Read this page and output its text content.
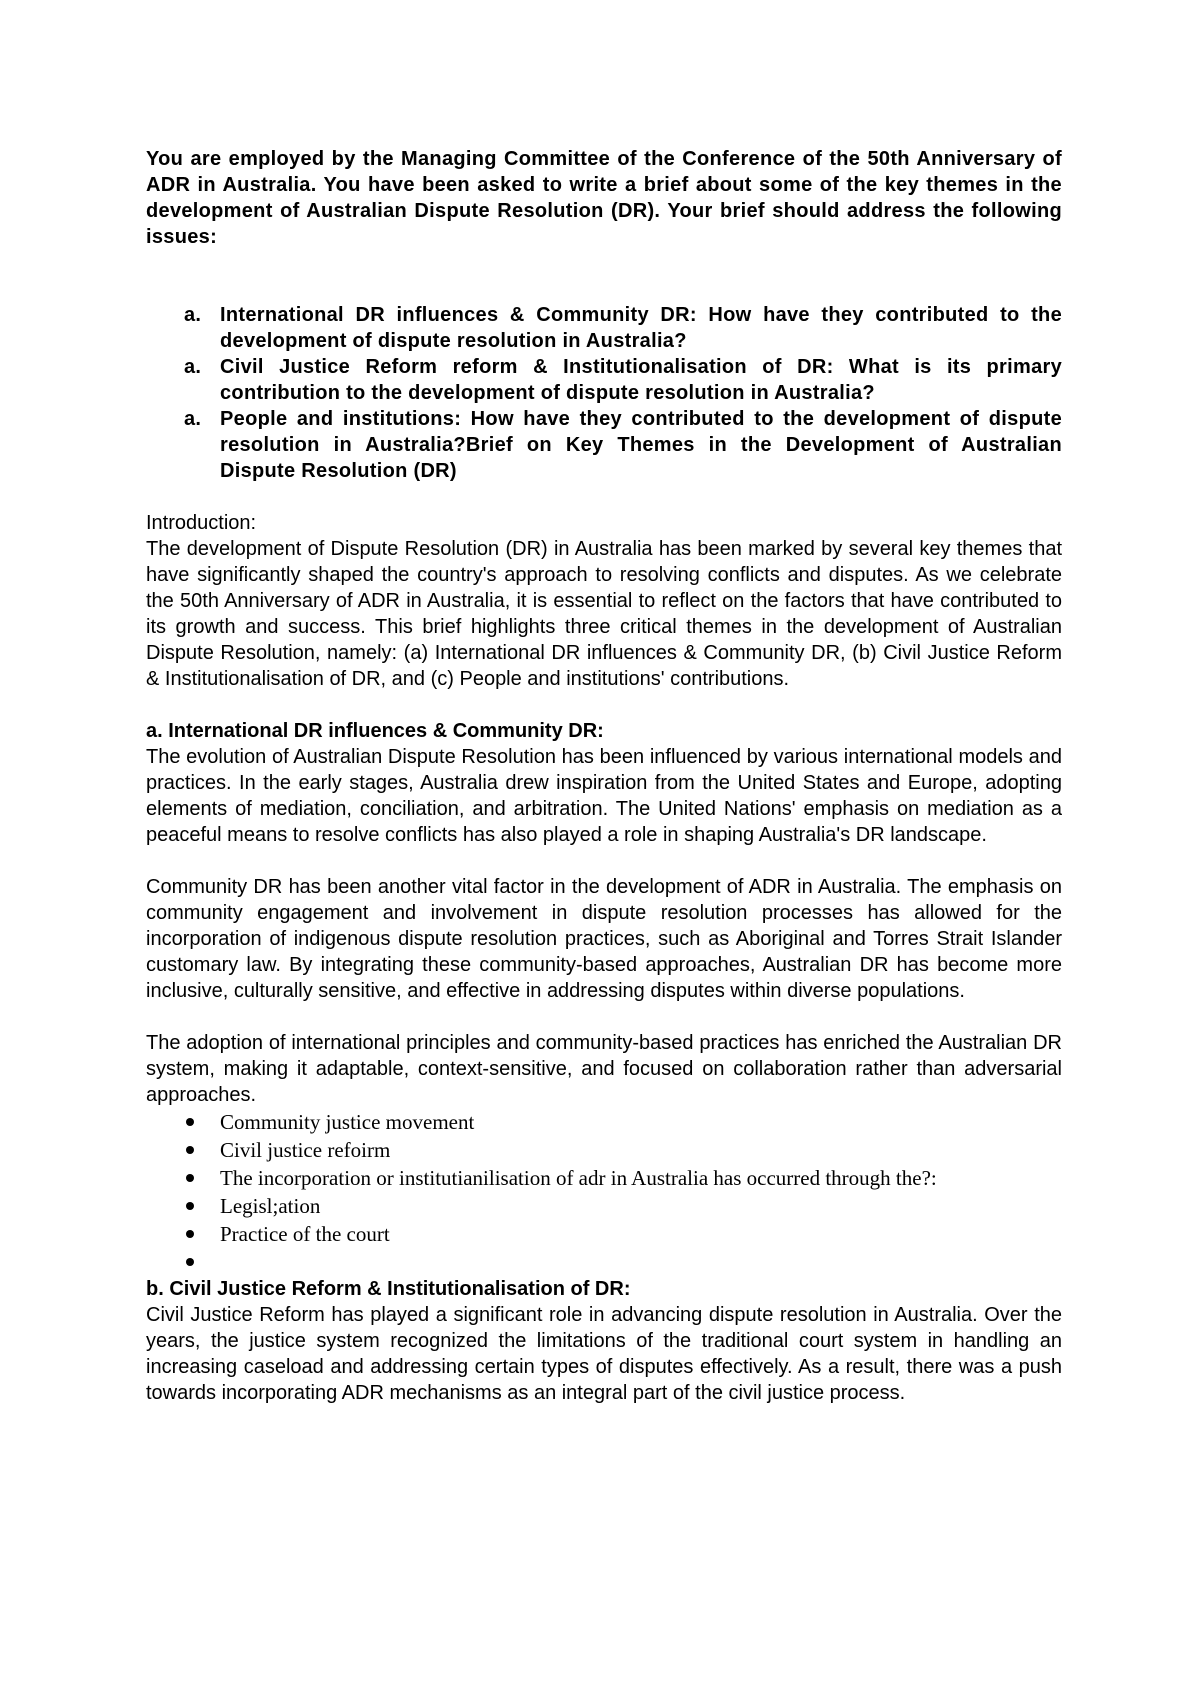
You are employed by the Managing Committee of the Conference of the 50th Anniversary of ADR in Australia. You have been asked to write a brief about some of the key themes in the development of Australian Dispute Resolution (DR). Your brief should address the following issues:

a. International DR influences & Community DR: How have they contributed to the development of dispute resolution in Australia?
a. Civil Justice Reform reform & Institutionalisation of DR: What is its primary contribution to the development of dispute resolution in Australia?
a. People and institutions: How have they contributed to the development of dispute resolution in Australia?Brief on Key Themes in the Development of Australian Dispute Resolution (DR)

Introduction:

The development of Dispute Resolution (DR) in Australia has been marked by several key themes that have significantly shaped the country's approach to resolving conflicts and disputes. As we celebrate the 50th Anniversary of ADR in Australia, it is essential to reflect on the factors that have contributed to its growth and success. This brief highlights three critical themes in the development of Australian Dispute Resolution, namely: (a) International DR influences & Community DR, (b) Civil Justice Reform & Institutionalisation of DR, and (c) People and institutions' contributions.

a. International DR influences & Community DR:

The evolution of Australian Dispute Resolution has been influenced by various international models and practices. In the early stages, Australia drew inspiration from the United States and Europe, adopting elements of mediation, conciliation, and arbitration. The United Nations' emphasis on mediation as a peaceful means to resolve conflicts has also played a role in shaping Australia's DR landscape.

Community DR has been another vital factor in the development of ADR in Australia. The emphasis on community engagement and involvement in dispute resolution processes has allowed for the incorporation of indigenous dispute resolution practices, such as Aboriginal and Torres Strait Islander customary law. By integrating these community-based approaches, Australian DR has become more inclusive, culturally sensitive, and effective in addressing disputes within diverse populations.

The adoption of international principles and community-based practices has enriched the Australian DR system, making it adaptable, context-sensitive, and focused on collaboration rather than adversarial approaches.

Community justice movement
Civil justice refoirm
The incorporation or institutianilisation of adr in Australia has occurred through the?:
Legisl;ation
Practice of the court

b. Civil Justice Reform & Institutionalisation of DR:

Civil Justice Reform has played a significant role in advancing dispute resolution in Australia. Over the years, the justice system recognized the limitations of the traditional court system in handling an increasing caseload and addressing certain types of disputes effectively. As a result, there was a push towards incorporating ADR mechanisms as an integral part of the civil justice process.
